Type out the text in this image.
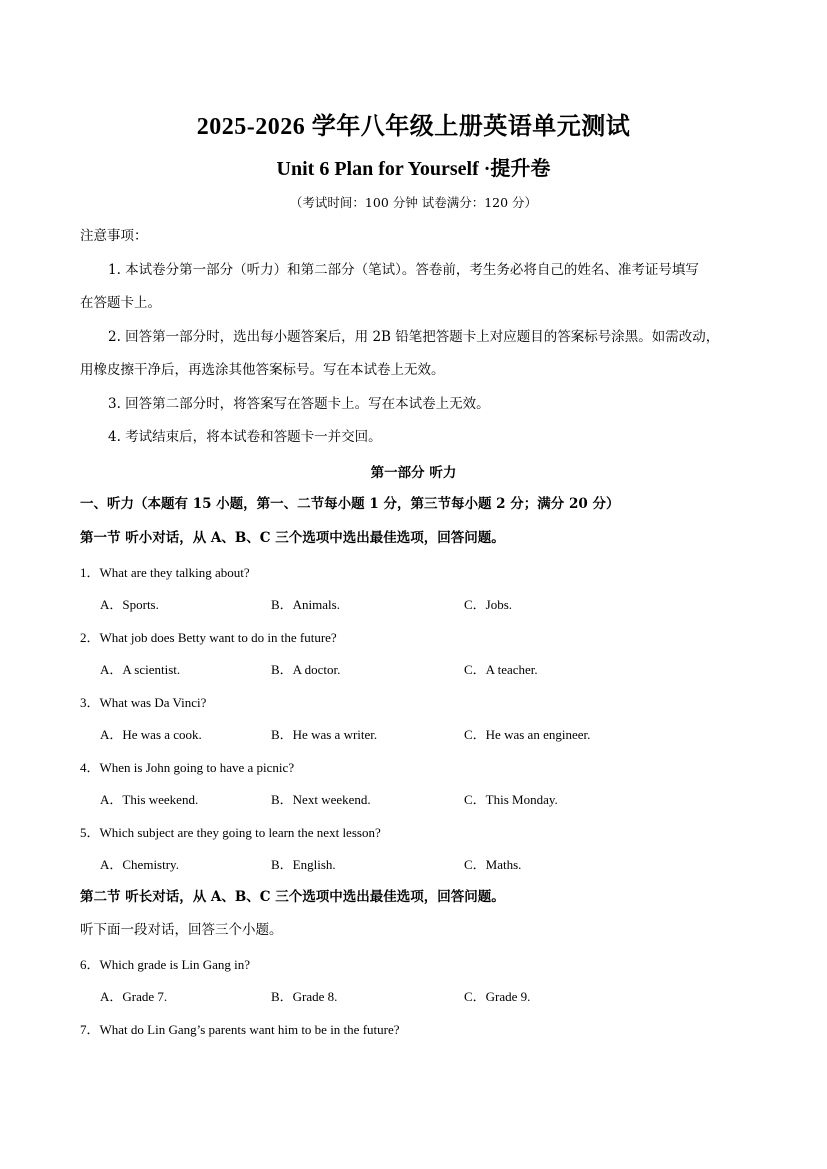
2025-2026 学年八年级上册英语单元测试
Unit 6 Plan for Yourself ·提升卷
（考试时间：100 分钟 试卷满分：120 分）
注意事项：
1. 本试卷分第一部分（听力）和第二部分（笔试）。答卷前，考生务必将自己的姓名、准考证号填写
在答题卡上。
2. 回答第一部分时，选出每小题答案后，用 2B 铅笔把答题卡上对应题目的答案标号涂黑。如需改动，
用橡皮擦干净后，再选涂其他答案标号。写在本试卷上无效。
3. 回答第二部分时，将答案写在答题卡上。写在本试卷上无效。
4. 考试结束后，将本试卷和答题卡一并交回。
第一部分 听力
一、听力（本题有 15 小题，第一、二节每小题 1 分，第三节每小题 2 分；满分 20 分）
第一节 听小对话，从 A、B、C 三个选项中选出最佳选项，回答问题。
1．What are they talking about?
A．Sports.	B．Animals.	C．Jobs.
2．What job does Betty want to do in the future?
A．A scientist.	B．A doctor.	C．A teacher.
3．What was Da Vinci?
A．He was a cook.	B．He was a writer.	C．He was an engineer.
4．When is John going to have a picnic?
A．This weekend.	B．Next weekend.	C．This Monday.
5．Which subject are they going to learn the next lesson?
A．Chemistry.	B．English.	C．Maths.
第二节 听长对话，从 A、B、C 三个选项中选出最佳选项，回答问题。
听下面一段对话，回答三个小题。
6．Which grade is Lin Gang in?
A．Grade 7.	B．Grade 8.	C．Grade 9.
7．What do Lin Gang’s parents want him to be in the future?
